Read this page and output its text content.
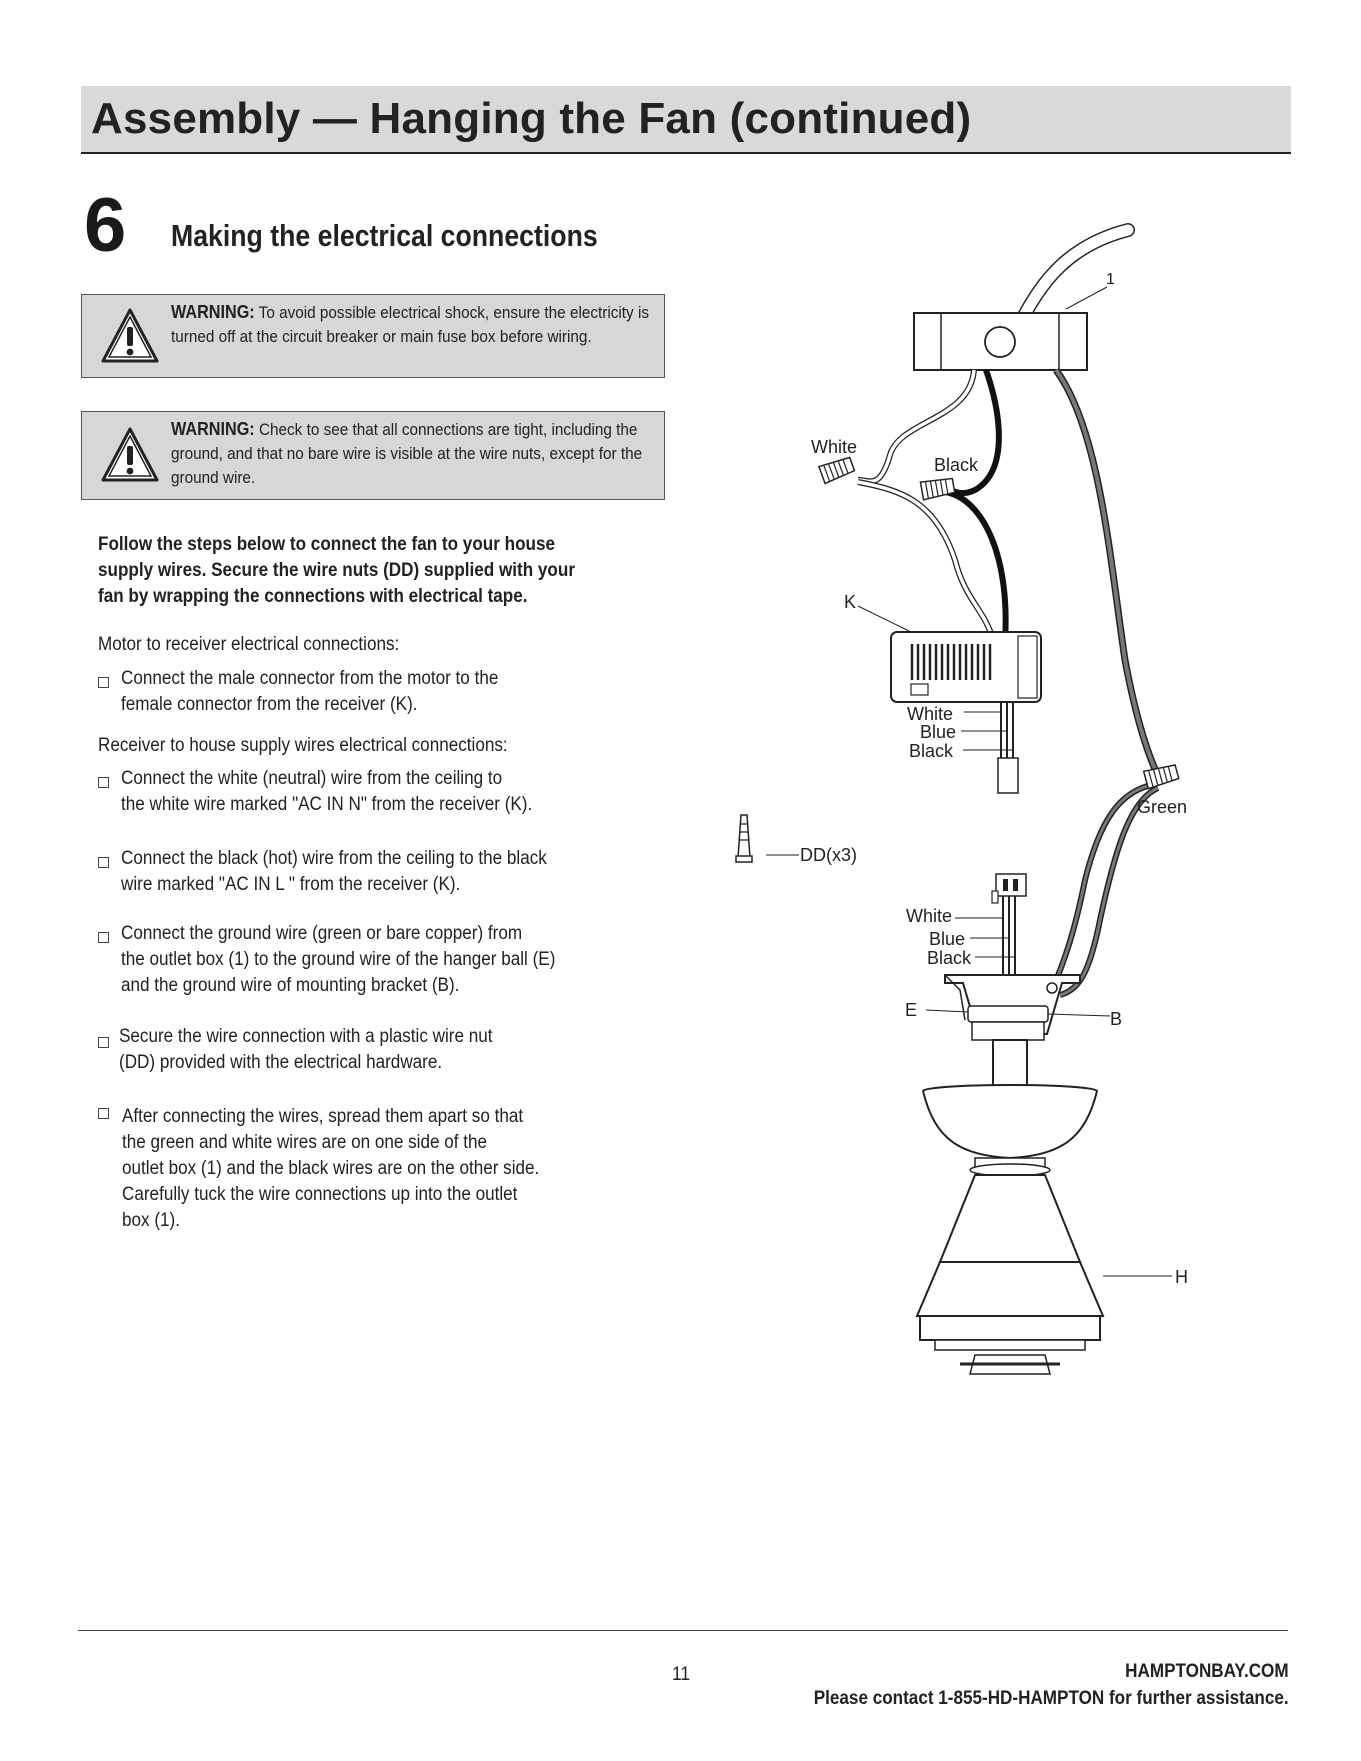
Assembly — Hanging the Fan (continued)
6 Making the electrical connections
WARNING: To avoid possible electrical shock, ensure the electricity is turned off at the circuit breaker or main fuse box before wiring.
WARNING: Check to see that all connections are tight, including the ground, and that no bare wire is visible at the wire nuts, except for the ground wire.
Follow the steps below to connect the fan to your house
supply wires. Secure the wire nuts (DD) supplied with your
fan by wrapping the connections with electrical tape.
Motor to receiver electrical connections:
Connect the male connector from the motor to the
female connector from the receiver (K).
Receiver to house supply wires electrical connections:
Connect the white (neutral) wire from the ceiling to
the white wire marked "AC IN N" from the receiver (K).
Connect the black (hot) wire from the ceiling to the black
wire marked "AC IN L " from the receiver (K).
Connect the ground wire (green or bare copper) from
the outlet box (1) to the ground wire of the hanger ball (E)
and the ground wire of mounting bracket (B).
Secure the wire connection with a plastic wire nut
(DD) provided with the electrical hardware.
After connecting the wires, spread them apart so that
the green and white wires are on one side of the
outlet box (1) and the black wires are on the other side.
Carefully tuck the wire connections up into the outlet
box (1).
1
White
Black
K
White
Blue
Black
Green
DD(x3)
White
Blue
Black
E	B
H
11	HAMPTONBAY.COM
Please contact 1-855-HD-HAMPTON for further assistance.
